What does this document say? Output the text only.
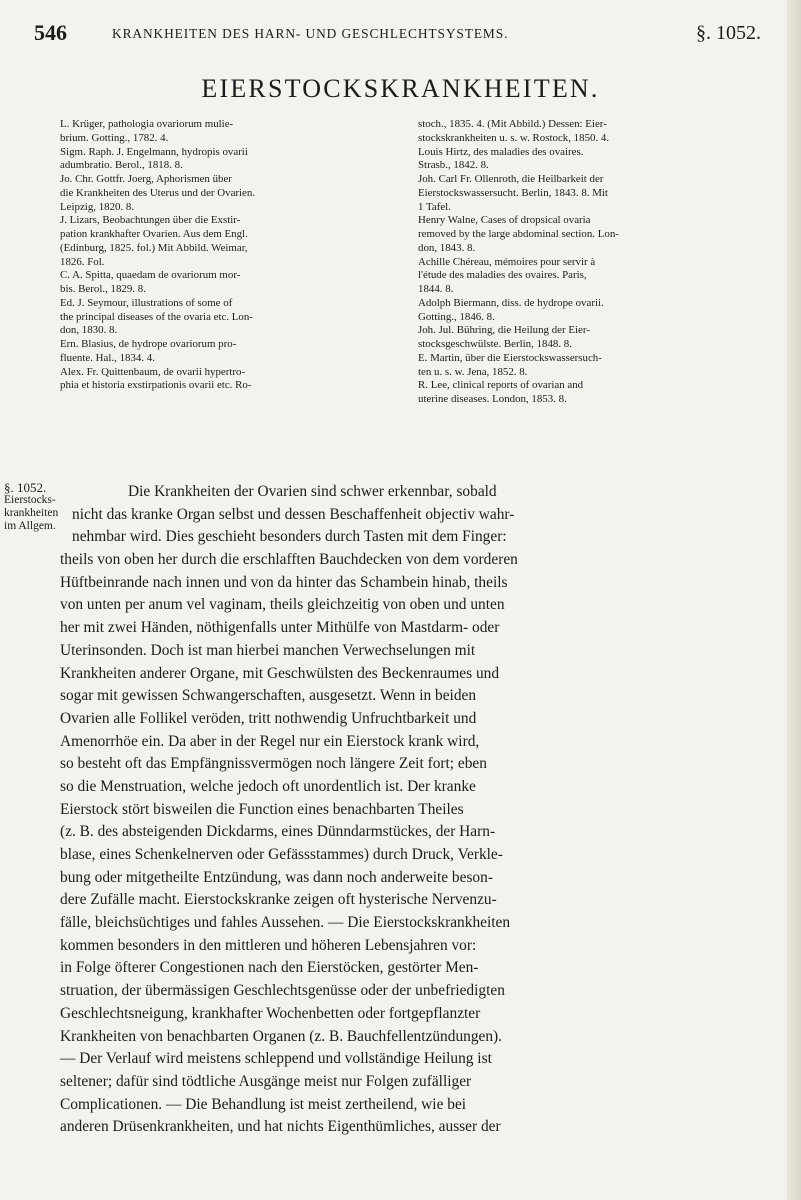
546	KRANKHEITEN DES HARN- UND GESCHLECHTSYSTEMS.	§. 1052.
EIERSTOCKSKRANKHEITEN.
L. Krüger, pathologia ovariorum mulie-
brium. Gotting., 1782. 4.
Sigm. Raph. J. Engelmann, hydropis ovarii
adumbratio. Berol., 1818. 8.
Jo. Chr. Gottfr. Joerg, Aphorismen über
die Krankheiten des Uterus und der Ovarien.
Leipzig, 1820. 8.
J. Lizars, Beobachtungen über die Exstir-
pation krankhafter Ovarien. Aus dem Engl.
(Edinburg, 1825. fol.) Mit Abbild. Weimar,
1826. Fol.
C. A. Spitta, quaedam de ovariorum mor-
bis. Berol., 1829. 8.
Ed. J. Seymour, illustrations of some of
the principal diseases of the ovaria etc. Lon-
don, 1830. 8.
Ern. Blasius, de hydrope ovariorum pro-
fluente. Hal., 1834. 4.
Alex. Fr. Quittenbaum, de ovarii hypertro-
phia et historia exstirpationis ovarii etc. Ro-
stoch., 1835. 4. (Mit Abbild.) Dessen: Eier-
stockskrankheiten u. s. w. Rostock, 1850. 4.
Louis Hirtz, des maladies des ovaires.
Strasb., 1842. 8.
Joh. Carl Fr. Ollenroth, die Heilbarkeit der
Eierstockswassersucht. Berlin, 1843. 8. Mit
1 Tafel.
Henry Walne, Cases of dropsical ovaria
removed by the large abdominal section. Lon-
don, 1843. 8.
Achille Chéreau, mémoires pour servir à
l'étude des maladies des ovaires. Paris,
1844. 8.
Adolph Biermann, diss. de hydrope ovarii.
Gotting., 1846. 8.
Joh. Jul. Bühring, die Heilung der Eier-
stocksgeschwülste. Berlin, 1848. 8.
E. Martin, über die Eierstockswassersuch-
ten u. s. w. Jena, 1852. 8.
R. Lee, clinical reports of ovarian and
uterine diseases. London, 1853. 8.
§. 1052.
Eierstocks-
krankheiten
im Allgem.
Die Krankheiten der Ovarien sind schwer erkennbar, sobald
nicht das kranke Organ selbst und dessen Beschaffenheit objectiv wahr-
nehmbar wird. Dies geschieht besonders durch Tasten mit dem Finger:
theils von oben her durch die erschlafften Bauchdecken von dem vorderen
Hüftbeinrande nach innen und von da hinter das Schambein hinab, theils
von unten per anum vel vaginam, theils gleichzeitig von oben und unten
her mit zwei Händen, nöthigenfalls unter Mithülfe von Mastdarm- oder
Uterinsonden. Doch ist man hierbei manchen Verwechselungen mit
Krankheiten anderer Organe, mit Geschwülsten des Beckenraumes und
sogar mit gewissen Schwangerschaften, ausgesetzt. Wenn in beiden
Ovarien alle Follikel veröden, tritt nothwendig Unfruchtbarkeit und
Amenorrhöe ein. Da aber in der Regel nur ein Eierstock krank wird,
so besteht oft das Empfängnissvermögen noch längere Zeit fort; eben
so die Menstruation, welche jedoch oft unordentlich ist. Der kranke
Eierstock stört bisweilen die Function eines benachbarten Theiles
(z. B. des absteigenden Dickdarms, eines Dünndarmstückes, der Harn-
blase, eines Schenkelnerven oder Gefässstammes) durch Druck, Verkle-
bung oder mitgetheilte Entzündung, was dann noch anderweite beson-
dere Zufälle macht. Eierstockskranke zeigen oft hysterische Nervenzu-
fälle, bleichsüchtiges und fahles Aussehen. — Die Eierstockskrankheiten
kommen besonders in den mittleren und höheren Lebensjahren vor:
in Folge öfterer Congestionen nach den Eierstöcken, gestörter Men-
struation, der übermässigen Geschlechtsgenüsse oder der unbefriedigten
Geschlechtsneigung, krankhafter Wochenbetten oder fortgepflanzter
Krankheiten von benachbarten Organen (z. B. Bauchfellentzündungen).
— Der Verlauf wird meistens schleppend und vollständige Heilung ist
seltener; dafür sind tödtliche Ausgänge meist nur Folgen zufälliger
Complicationen. — Die Behandlung ist meist zertheilend, wie bei
anderen Drüsenkrankheiten, und hat nichts Eigenthümliches, ausser der
